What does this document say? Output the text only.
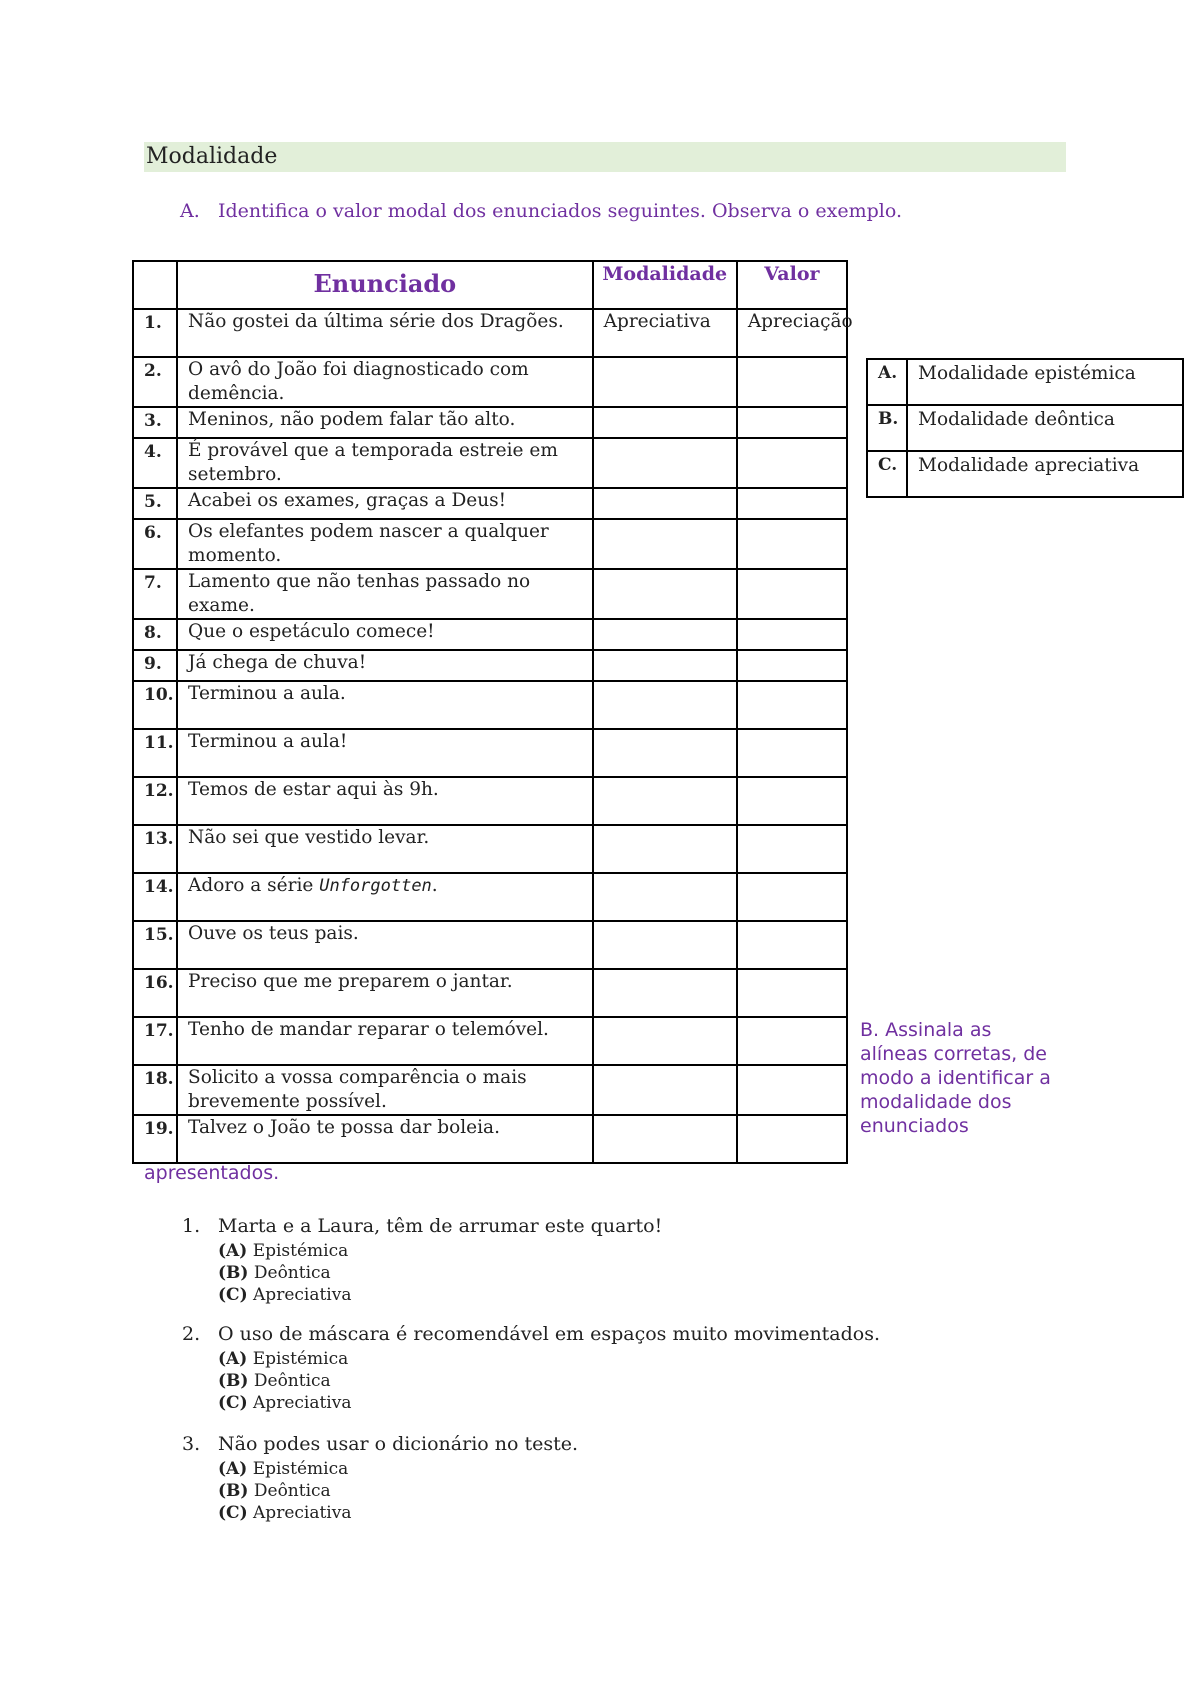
Modalidade
A. Identifica o valor modal dos enunciados seguintes. Observa o exemplo.
	Enunciado	Modalidade	Valor
1.	Não gostei da última série dos Dragões.	Apreciativa	Apreciação
2.	O avô do João foi diagnosticado com demência.		
3.	Meninos, não podem falar tão alto.		
4.	É provável que a temporada estreie em setembro.		
5.	Acabei os exames, graças a Deus!		
6.	Os elefantes podem nascer a qualquer momento.		
7.	Lamento que não tenhas passado no exame.		
8.	Que o espetáculo comece!		
9.	Já chega de chuva!		
10.	Terminou a aula.		
11.	Terminou a aula!		
12.	Temos de estar aqui às 9h.		
13.	Não sei que vestido levar.		
14.	Adoro a série Unforgotten.		
15.	Ouve os teus pais.		
16.	Preciso que me preparem o jantar.		
17.	Tenho de mandar reparar o telemóvel.		
18.	Solicito a vossa comparência o mais brevemente possível.		
19.	Talvez o João te possa dar boleia.		
A.	Modalidade epistémica
B.	Modalidade deôntica
C.	Modalidade apreciativa
B. Assinala as alíneas corretas, de modo a identificar a modalidade dos enunciados
apresentados.
1. Marta e a Laura, têm de arrumar este quarto!
(A) Epistémica
(B) Deôntica
(C) Apreciativa
2. O uso de máscara é recomendável em espaços muito movimentados.
(A) Epistémica
(B) Deôntica
(C) Apreciativa
3. Não podes usar o dicionário no teste.
(A) Epistémica
(B) Deôntica
(C) Apreciativa
